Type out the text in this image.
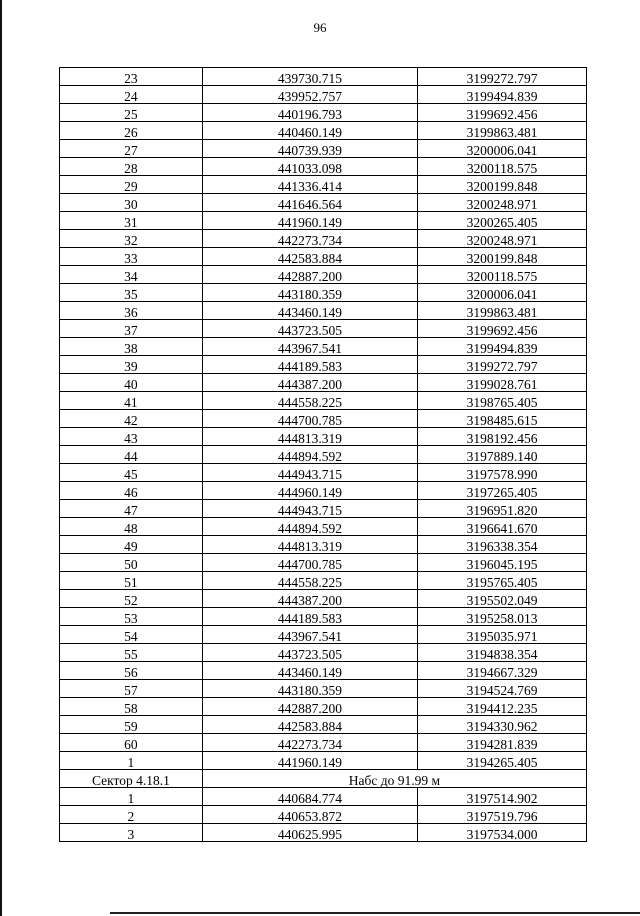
96
23	439730.715	3199272.797
24	439952.757	3199494.839
25	440196.793	3199692.456
26	440460.149	3199863.481
27	440739.939	3200006.041
28	441033.098	3200118.575
29	441336.414	3200199.848
30	441646.564	3200248.971
31	441960.149	3200265.405
32	442273.734	3200248.971
33	442583.884	3200199.848
34	442887.200	3200118.575
35	443180.359	3200006.041
36	443460.149	3199863.481
37	443723.505	3199692.456
38	443967.541	3199494.839
39	444189.583	3199272.797
40	444387.200	3199028.761
41	444558.225	3198765.405
42	444700.785	3198485.615
43	444813.319	3198192.456
44	444894.592	3197889.140
45	444943.715	3197578.990
46	444960.149	3197265.405
47	444943.715	3196951.820
48	444894.592	3196641.670
49	444813.319	3196338.354
50	444700.785	3196045.195
51	444558.225	3195765.405
52	444387.200	3195502.049
53	444189.583	3195258.013
54	443967.541	3195035.971
55	443723.505	3194838.354
56	443460.149	3194667.329
57	443180.359	3194524.769
58	442887.200	3194412.235
59	442583.884	3194330.962
60	442273.734	3194281.839
1	441960.149	3194265.405
Сектор 4.18.1	Набс до 91.99 м	
1	440684.774	3197514.902
2	440653.872	3197519.796
3	440625.995	3197534.000
